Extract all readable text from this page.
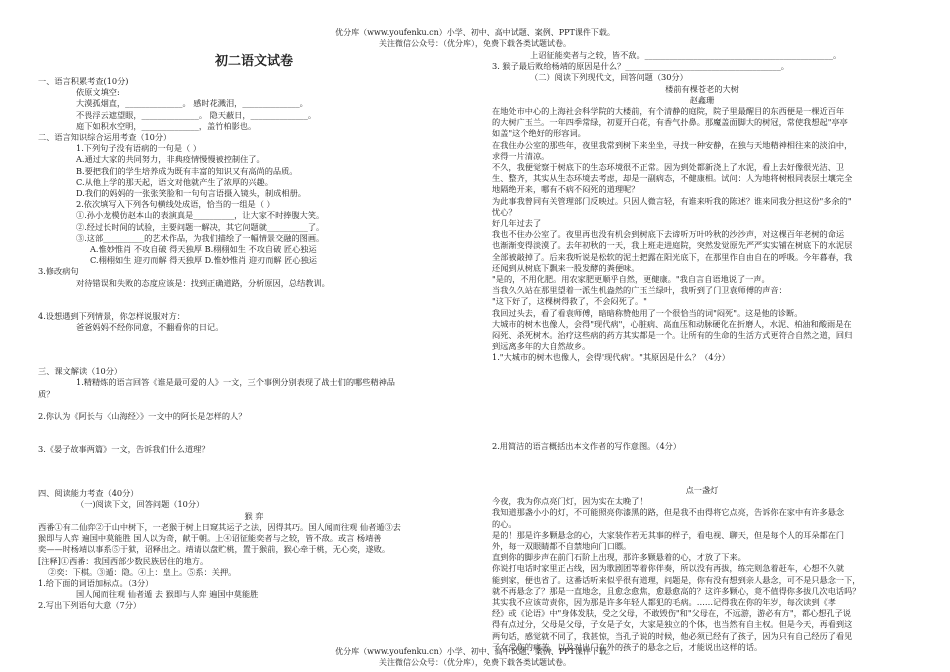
优分库（www.youfenku.cn）小学、初中、高中试题、案例、PPT课件下载。
关注微信公众号：（优分库），免费下载各类试题试卷。
初二语文试卷

一、语言积累考查(10分)

依原文填空:

大漠孤烟直，______________。 感时花溅泪，______________。

不畏浮云遮望眼，______________。 隐天蔽日，______________。

庭下如积水空明，______________，盖竹柏影也。

二、语言知识综合运用考查（10分）

1.下列句子没有语病的一句是（ ）

A.通过大家的共同努力，非典疫情慢慢被控制住了。

B.要把我们的学生培养成为既有丰富的知识又有高尚的品质。

C.从他上学的那天起，语文对他就产生了浓厚的兴趣。

D.我们的妈妈的一张张笑脸和一句句言语摄入镜头，制成相册。

2.依次填写入下列各句横线处成语，恰当的一组是（ ）

①.孙小龙模仿赵本山的表演真是__________，让大家不时捧腹大笑。

②.经过长时间的试验，主要问题一解决，其它问题就__________了。

③.这部__________的艺术作品，为我们描绘了一幅情景交融的图画。

A.惟妙惟肖 不攻自破 得天独厚 B.栩栩如生 不攻自破 匠心独运

C.栩栩如生 迎刃而解 得天独厚 D.惟妙惟肖 迎刃而解 匠心独运

3.修改病句

对待错误和失败的态度应该是：找到正确道路，分析原因，总结教训。

4.设想遇到下列情景，你怎样说服对方：

爸爸妈妈不经你同意，不翻看你的日记。

三、课文解读（10分）

1.精精炼的语言回答《谁是最可爱的人》一文，三个事例分别表现了战士们的哪些精神品

质？

2.你认为《阿长与〈山海经〉》一文中的阿长是怎样的人？

3.《晏子故事两篇》一文，告诉我们什么道理？

四、阅读能力考查（40分）

（一)阅读下文，回答问题（10分）

猴 弈

西番①有二仙弈②于山中树下，一老猴于树上日窥其运子之法，因得其巧。国人闻而往观 仙者遁③去

猴即与人弈 遍国中莫能胜 国人以为奇，献于朝。上④诏征能奕者与之较，皆不敌。或言 杨靖善

奕——时杨靖以事系⑤于狱，诏释出之。靖请以盘贮桃，置于猴前，猴心牵于桃，无心奕，遂败。

[注释]①西番：我国西部少数民族居住的地方。

②奕：下棋。③遁：隐。④上：皇上。⑤系：关押。

1.给下面的词语加标点。（3分）

国人闻而往观 仙者遁 去 猴即与人弈 遍国中莫能胜

2.写出下列语句大意（7分）

上诏征能奕者与之较，皆不敌。______________________________________________。

3. 猴子最后败给杨靖的原因是什么？______________________________________。

（二）阅读下列现代文，回答问题（30分）

楼前有棵苍老的大树

赵鑫珊

在地处市中心的上海社会科学院的大楼前，有个清静的庭院，院子里最醒目的东西便是一棵近百年

的大树广玉兰。一年四季常绿，初夏开白花，有香气扑鼻。那魔盖面脚大的树冠，常使我想起"亭亭

如盖"这个绝好的形容词。

在我住办公室的那些年，夜里我常到树下来坐坐，寻找一种安静，在独与天地精神相往来的淡泊中，

求得一片清凉。

不久，我便觉察于树底下的生态环境很不正常。因为到处都新浇上了水泥，看上去好像很光洁、卫

生、整齐，其实从生态环境去考虑，却是一副病态，不健康相。试问：人为地将树根同表层土壤完全

地隔绝开来，哪有不病不闷死的道理呢？

为此事我曾同有关管理部门反映过。只因人微言轻，有谁来听我的陈述？谁来同我分担这份"多余的"

忧心？

好几年过去了

我也不住办公室了。夜里再也没有机会到树底下去谛听万叶吟秋的沙沙声，对这棵百年老树的命运

也渐渐变得淡漠了。去年初秋的一天，我上班走进庭院，突然发觉原先严严实实铺在树底下的水泥层

全部被敲掉了。后来我听说是松软的泥土把露在阳光底下，在那里作自由自在的呼吸。今年暮春，我

还闻到从树底下飘来一股发酵的粪便味。

"是的，不用化肥。用农家肥更顺乎自然，更健康。"我自言自语地说了一声。

当我久久站在那里望着一派生机盎然的广玉兰绿叶，我听到了门卫袁师傅的声音：

"这下好了，这棵树得救了，不会闷死了。"

我回过头去，看了看袁师傅，暗暗称赞他用了一个很恰当的词"闷死"。这是他的诊断。

大城市的树木也像人，会得"现代病"，心脏病、高血压和动脉硬化在折磨人，水泥、柏油和酸雨是在

闷死、杀死树木。治疗这些病的药方其实都是一个。让所有的生命的生活方式更符合自然之道，回归

到远离多年的大自然故乡。

1."大城市的树木也像人，会得'现代病'。"其原因是什么？（4分）

2.用简洁的语言概括出本文作者的写作意图。（4分）

点一盏灯

今夜，我为你点亮门灯，因为实在太晚了！

我知道那盏小小的灯，不可能照亮你漆黑的路，但是我不由得将它点亮，告诉你在家中有许多悬念

的心。

是的！那是许多颗悬念的心，大家装作若无其事的样子，看电视、聊天，但是每个人的耳朵都在门

外，每一双眼睛都不自禁地向门口瞟。

直到你的脚步声在前门石阶上出现，那许多颗悬着的心，才放了下来。

你说打电话时家里正占线，因为歌剧团等着你伴奏，所以没有再拔，练完则急着赶车，心想不久就

能到家，便也省了。这番话听来似乎很有道理，问题是，你有没有想到亲人悬念，可不是只悬念一下，

就不再悬念了？那是一直地念，且愈念愈焦，愈悬愈高的？这许多颗心，竟不值得你多拔几次电话吗？

其实我不应该苛责你，因为那是许多年轻人都犯的毛病。……记得我在你的年岁，每次读到《孝

经》或《论语》中"身体发肤，受之父母，不敢毁伤"和"父母在，不远游，游必有方"，都心想孔子说

得有点过分，父母是父母，子女是子女，大家是独立的个体，也当然有自主权。但是今天，再看到这

两句话，感觉就不同了，我甚惊，当孔子说的时候，他必须已经有了孩子，因为只有自己经历了看见

子女受伤的痛苦，以及对出门在外的孩子的悬念之后，才能说出这样的话。

优分库（www.youfenku.cn）小学、初中、高中试题、案例、PPT课件下载。
关注微信公众号：（优分库），免费下载各类试题试卷。
